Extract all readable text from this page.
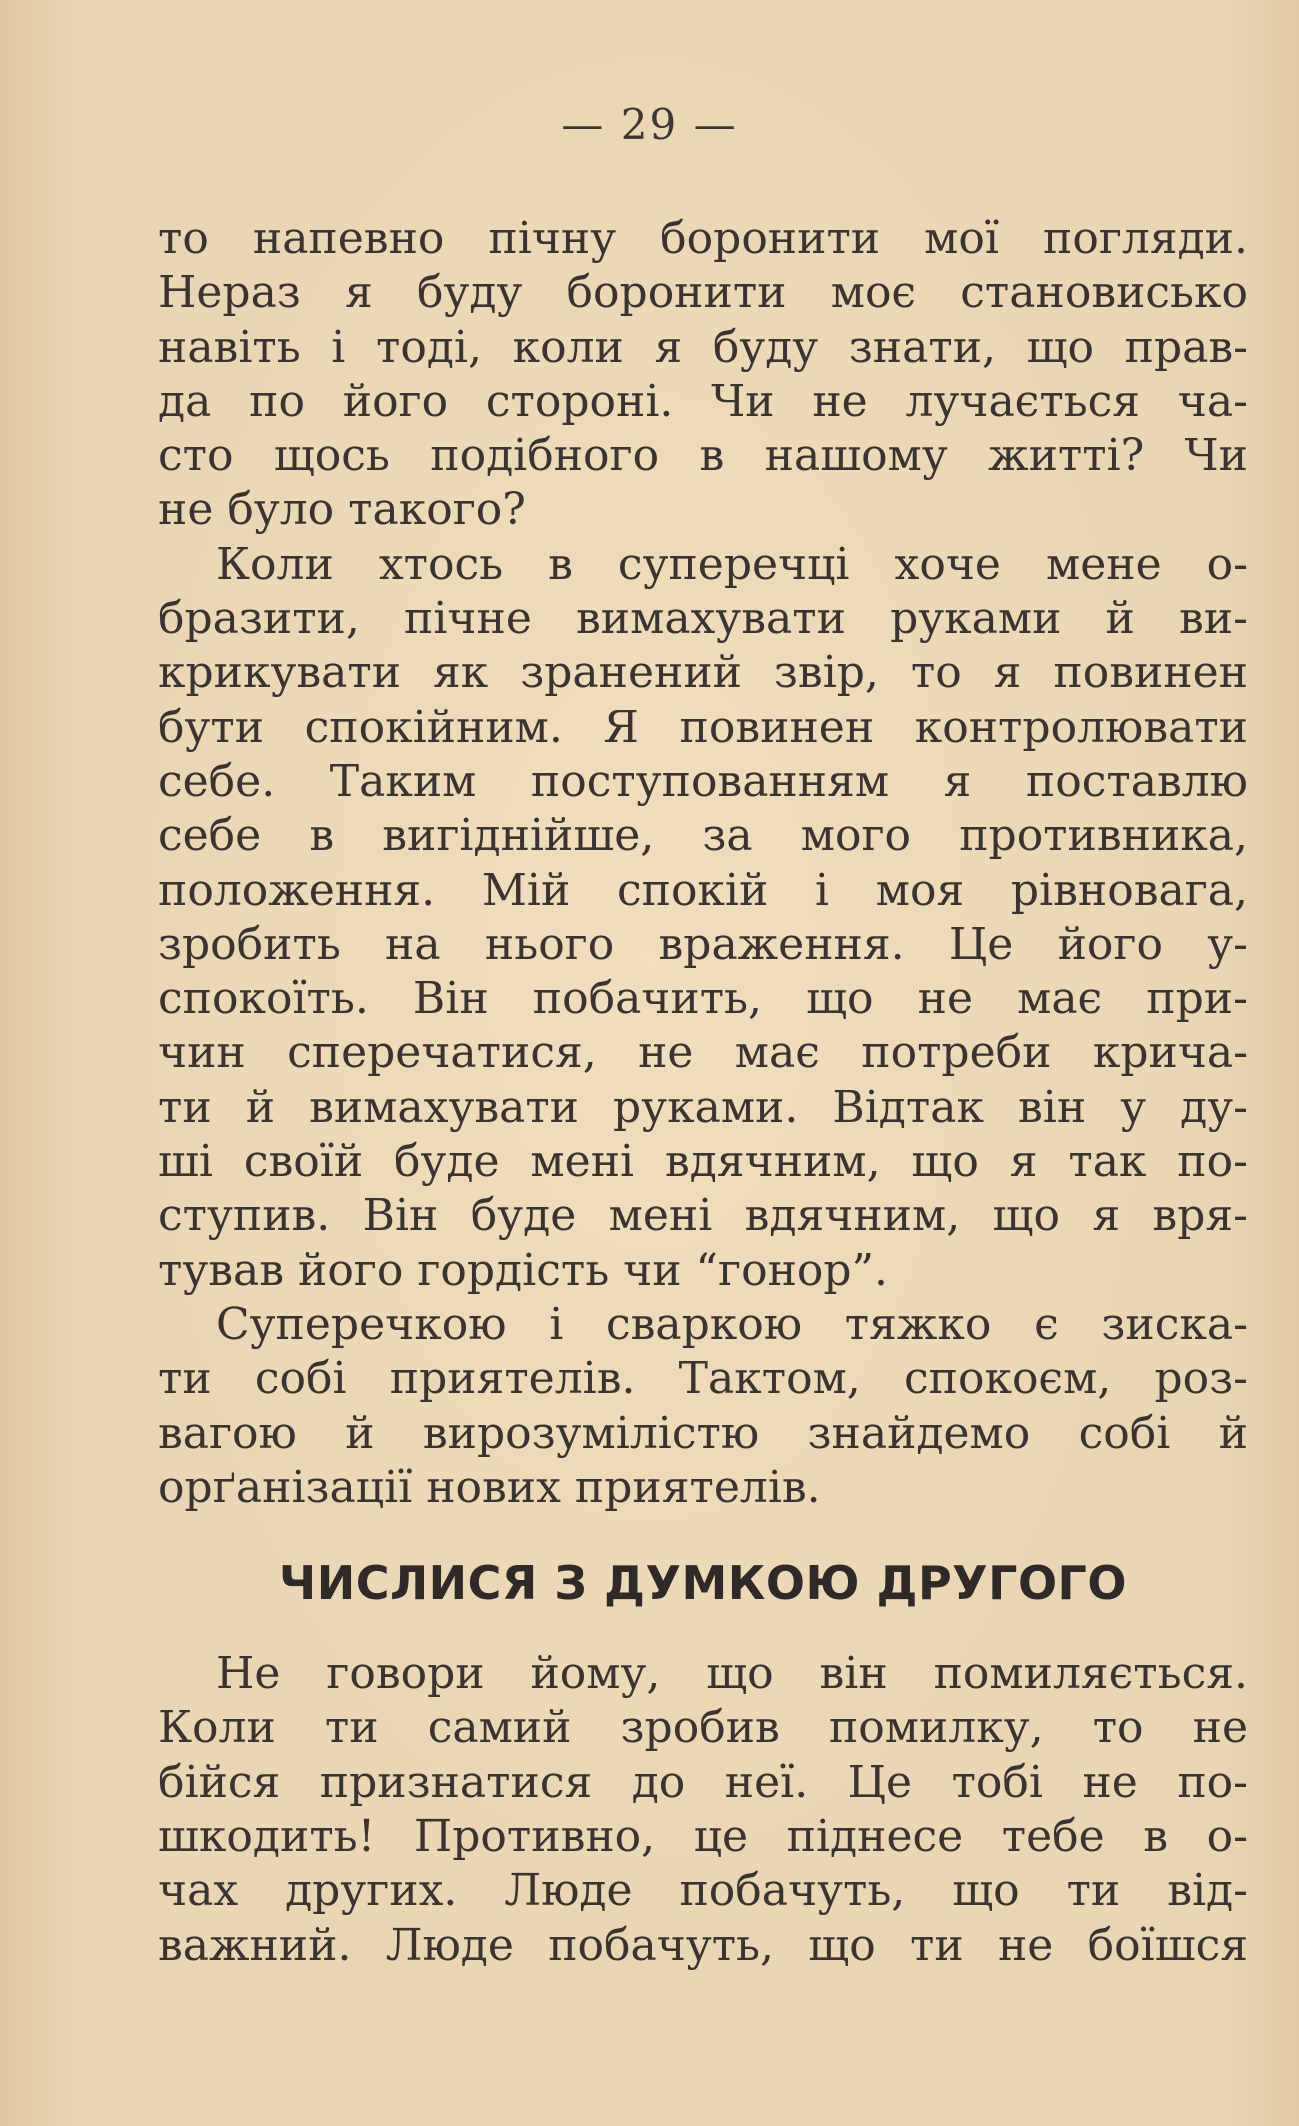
— 29 —

то напевно пічну боронити мої погляди.
Нераз я буду боронити моє становисько
навіть і тоді, коли я буду знати, що прав-
да по його стороні. Чи не лучається ча-
сто щось подібного в нашому житті? Чи
не було такого?

Коли хтось в суперечці хоче мене о-
бразити, пічне вимахувати руками й ви-
крикувати як зранений звір, то я повинен
бути спокійним. Я повинен контролювати
себе. Таким поступованням я поставлю
себе в вигіднійше, за мого противника,
положення. Мій спокій і моя рівновага,
зробить на нього враження. Це його у-
спокоїть. Він побачить, що не має при-
чин сперечатися, не має потреби крича-
ти й вимахувати руками. Відтак він у ду-
ші своїй буде мені вдячним, що я так по-
ступив. Він буде мені вдячним, що я вря-
тував його гордість чи “гонор”.

Суперечкою і сваркою тяжко є зиска-
ти собі приятелів. Тактом, спокоєм, роз-
вагою й вирозумілістю знайдемо собі й
орґанізації нових приятелів.

ЧИСЛИСЯ З ДУМКОЮ ДРУГОГО

Не говори йому, що він помиляється.
Коли ти самий зробив помилку, то не
бійся признатися до неї. Це тобі не по-
шкодить! Противно, це піднесе тебе в о-
чах других. Люде побачуть, що ти від-
важний. Люде побачуть, що ти не боїшся
